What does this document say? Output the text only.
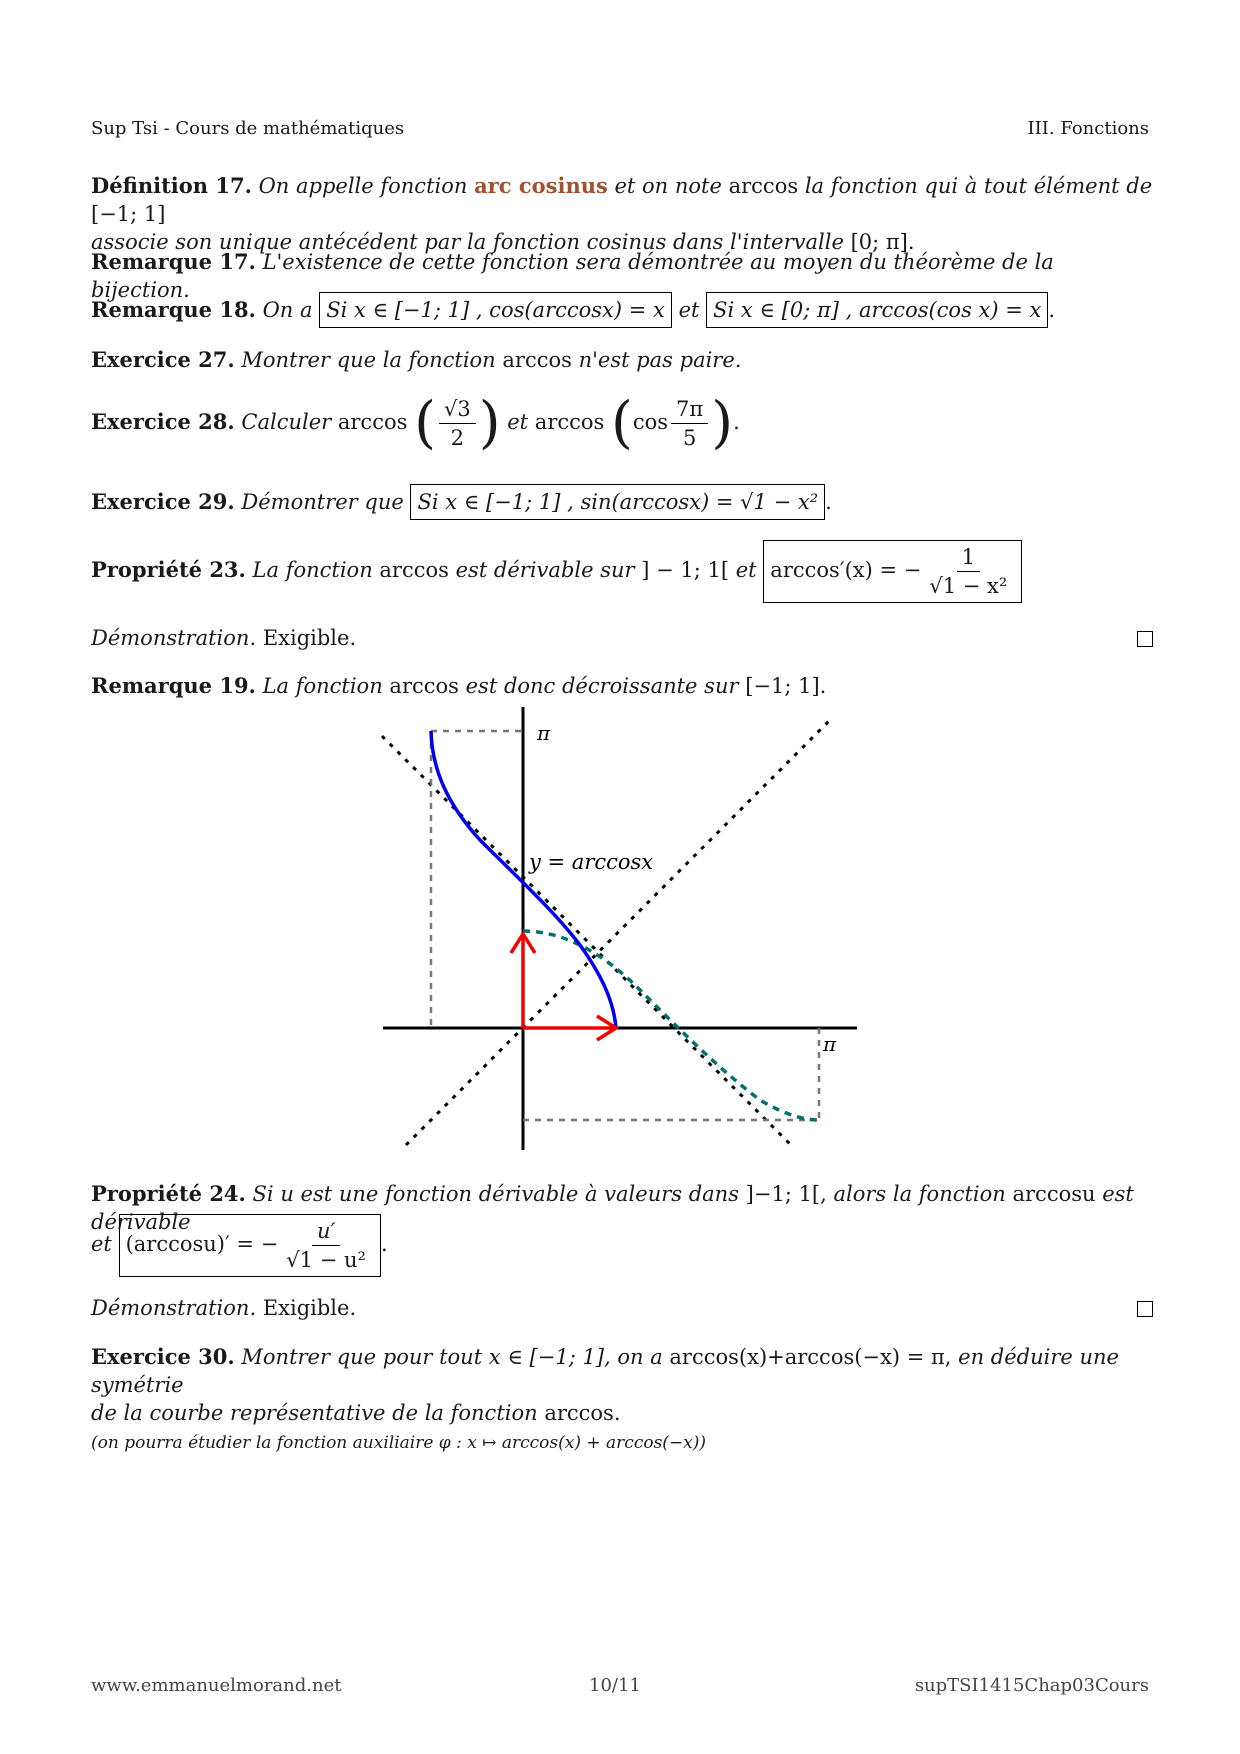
Sup Tsi - Cours de mathématiques	III. Fonctions
Définition 17. On appelle fonction arc cosinus et on note arccos la fonction qui à tout élément de [−1; 1]
associe son unique antécédent par la fonction cosinus dans l'intervalle [0; π].
Remarque 17. L'existence de cette fonction sera démontrée au moyen du théorème de la bijection.
Remarque 18. On a Si x ∈ [−1; 1] , cos(arccosx) = x et Si x ∈ [0; π] , arccos(cos x) = x .
Exercice 27. Montrer que la fonction arccos n'est pas paire.
Exercice 28. Calculer arccos ( $\frac{√3}{2}$ ) et $\arccos (\cos \frac{7\pi}{5}$ ).
Exercice 29. Démontrer que Si x ∈ [−1; 1] , sin(arccosx) = √1 − x² .
Propriété 23. La fonction arccos est dérivable sur ] − 1; 1[ et arccos′(x) = − $\frac{1}{\text{√1 − x²}}$
Démonstration. Exigible.
Remarque 19. La fonction arccos est donc décroissante sur [−1; 1].
y = arccosx
π
π
Propriété 24. Si u est une fonction dérivable à valeurs dans ]−1; 1[, alors la fonction arccosu est dérivable
et (arccosu)′ = − $\frac{u'}{\text{√1 − u²}}$ .
Démonstration. Exigible.
Exercice 30. Montrer que pour tout x ∈ [−1; 1], on a arccos(x)+arccos(−x) = π, en déduire une symétrie
de la courbe représentative de la fonction arccos.
(on pourra étudier la fonction auxiliaire φ : x ↦ arccos(x) + arccos(−x))
www.emmanuelmorand.net	10/11	supTSI1415Chap03Cours
